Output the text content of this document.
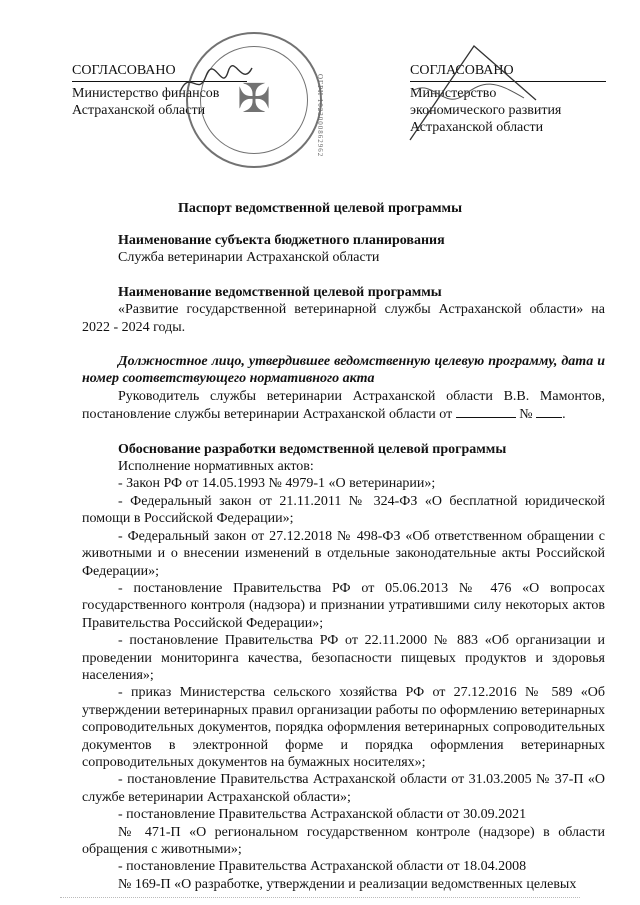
СОГЛАСОВАНО
Министерство финансов
Астраханской области ✠	ОГРН 1023000862962
СОГЛАСОВАНО
Министерство
экономического развития
Астраханской области
Паспорт ведомственной целевой программы

Наименование субъекта бюджетного планирования

Служба ветеринарии Астраханской области

Наименование ведомственной целевой программы

«Развитие государственной ветеринарной службы Астраханской области» на 2022 - 2024 годы.

Должностное лицо, утвердившее ведомственную целевую программу, дата и номер соответствующего нормативного акта

Руководитель службы ветеринарии Астраханской области В.В. Мамонтов, постановление службы ветеринарии Астраханской области от	№ .

Обоснование разработки ведомственной целевой программы

Исполнение нормативных актов:

- Закон РФ от 14.05.1993 № 4979-1 «О ветеринарии»;

- Федеральный закон от 21.11.2011 № 324-ФЗ «О бесплатной юридической помощи в Российской Федерации»;

- Федеральный закон от 27.12.2018 № 498-ФЗ «Об ответственном обращении с животными и о внесении изменений в отдельные законодательные акты Российской Федерации»;

- постановление Правительства РФ от 05.06.2013 № 476 «О вопросах государственного контроля (надзора) и признании утратившими силу некоторых актов Правительства Российской Федерации»;

- постановление Правительства РФ от 22.11.2000 № 883 «Об организации и проведении мониторинга качества, безопасности пищевых продуктов и здоровья населения»;

- приказ Министерства сельского хозяйства РФ от 27.12.2016 № 589 «Об утверждении ветеринарных правил организации работы по оформлению ветеринарных сопроводительных документов, порядка оформления ветеринарных сопроводительных документов в электронной форме и порядка оформления ветеринарных сопроводительных документов на бумажных носителях»;

- постановление Правительства Астраханской области от 31.03.2005 № 37-П «О службе ветеринарии Астраханской области»;

- постановление Правительства Астраханской области от 30.09.2021

№ 471-П «О региональном государственном контроле (надзоре) в области обращения с животными»;

- постановление Правительства Астраханской области от 18.04.2008

№ 169-П «О разработке, утверждении и реализации ведомственных целевых
